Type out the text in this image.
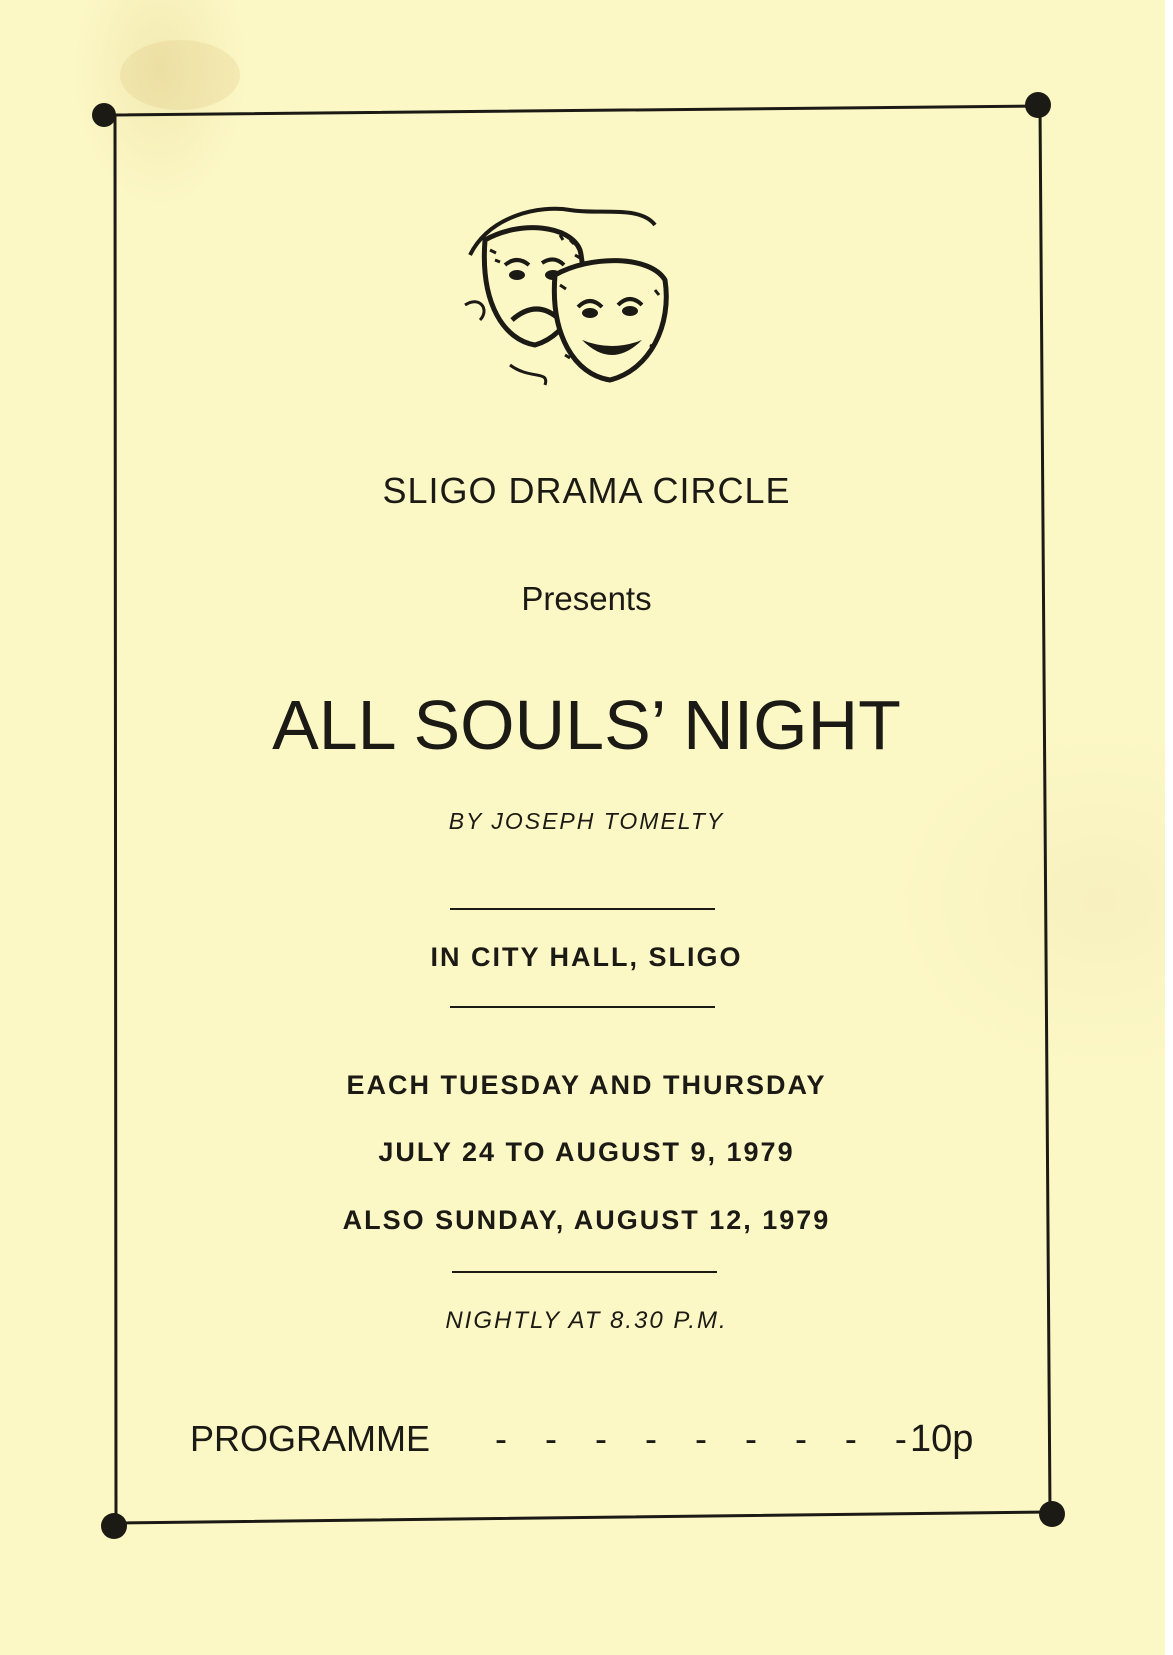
SLIGO DRAMA CIRCLE
Presents
ALL SOULS’ NIGHT
BY JOSEPH TOMELTY
IN CITY HALL, SLIGO
EACH TUESDAY AND THURSDAY
JULY 24 TO AUGUST 9, 1979
ALSO SUNDAY, AUGUST 12, 1979
NIGHTLY AT 8.30 P.M.
PROGRAMME - - - - - - - - -
10p
